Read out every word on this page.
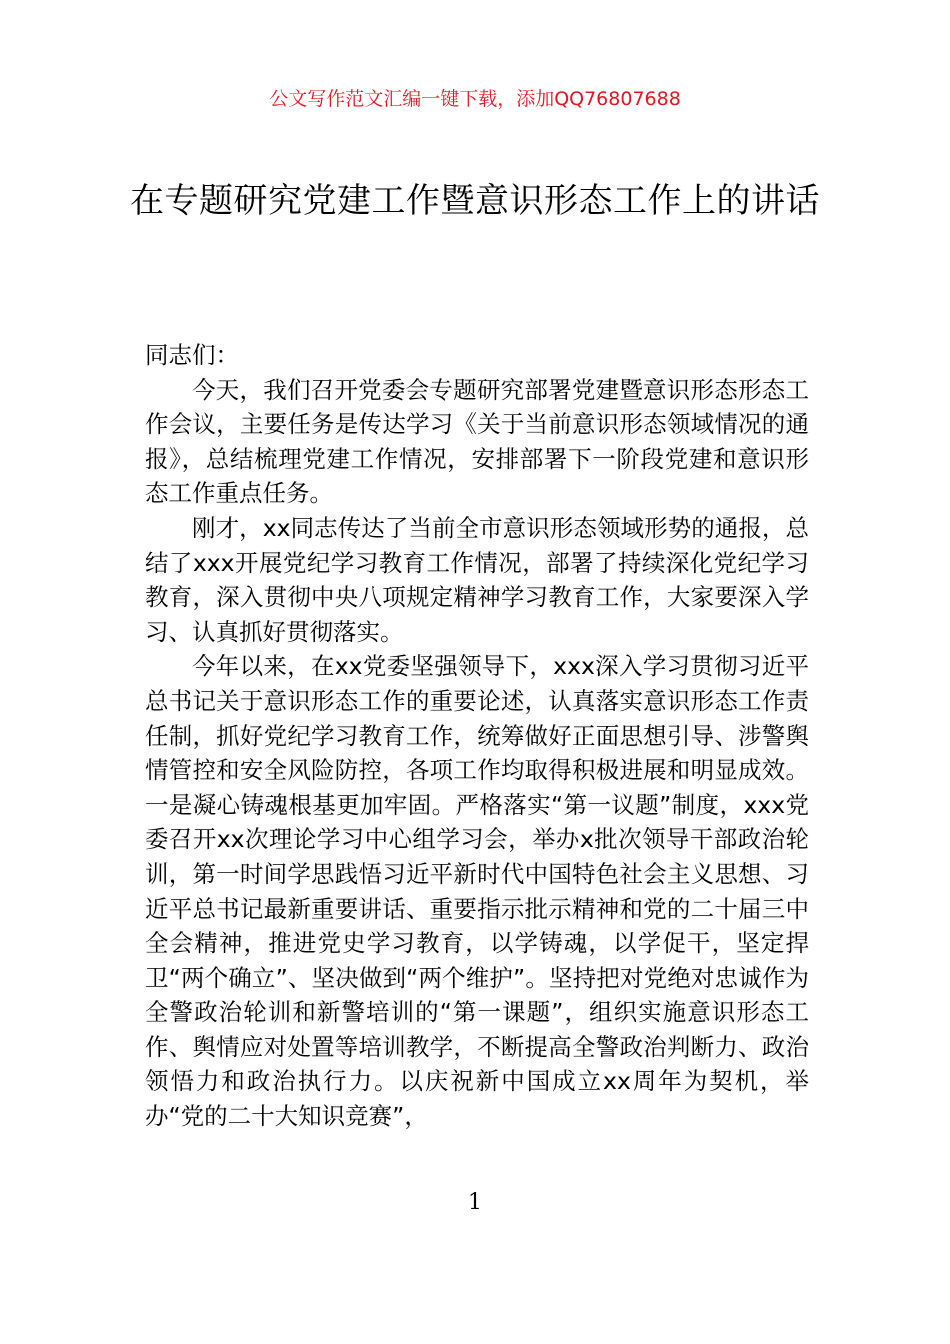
公文写作范文汇编一键下载，添加QQ76807688
在专题研究党建工作暨意识形态工作上的讲话

同志们：

今天，我们召开党委会专题研究部署党建暨意识形态形态工作会议，主要任务是传达学习《关于当前意识形态领域情况的通报》，总结梳理党建工作情况，安排部署下一阶段党建和意识形态工作重点任务。

刚才，xx同志传达了当前全市意识形态领域形势的通报，总结了xxx开展党纪学习教育工作情况，部署了持续深化党纪学习教育，深入贯彻中央八项规定精神学习教育工作，大家要深入学习、认真抓好贯彻落实。

今年以来，在xx党委坚强领导下，xxx深入学习贯彻习近平总书记关于意识形态工作的重要论述，认真落实意识形态工作责任制，抓好党纪学习教育工作，统筹做好正面思想引导、涉警舆情管控和安全风险防控，各项工作均取得积极进展和明显成效。一是凝心铸魂根基更加牢固。严格落实“第一议题”制度，xxx党委召开xx次理论学习中心组学习会，举办x批次领导干部政治轮训，第一时间学思践悟习近平新时代中国特色社会主义思想、习近平总书记最新重要讲话、重要指示批示精神和党的二十届三中全会精神，推进党史学习教育，以学铸魂，以学促干，坚定捍卫“两个确立”、坚决做到“两个维护”。坚持把对党绝对忠诚作为全警政治轮训和新警培训的“第一课题”，组织实施意识形态工作、舆情应对处置等培训教学，不断提高全警政治判断力、政治领悟力和政治执行力。以庆祝新中国成立xx周年为契机，举办“党的二十大知识竞赛”，

1
